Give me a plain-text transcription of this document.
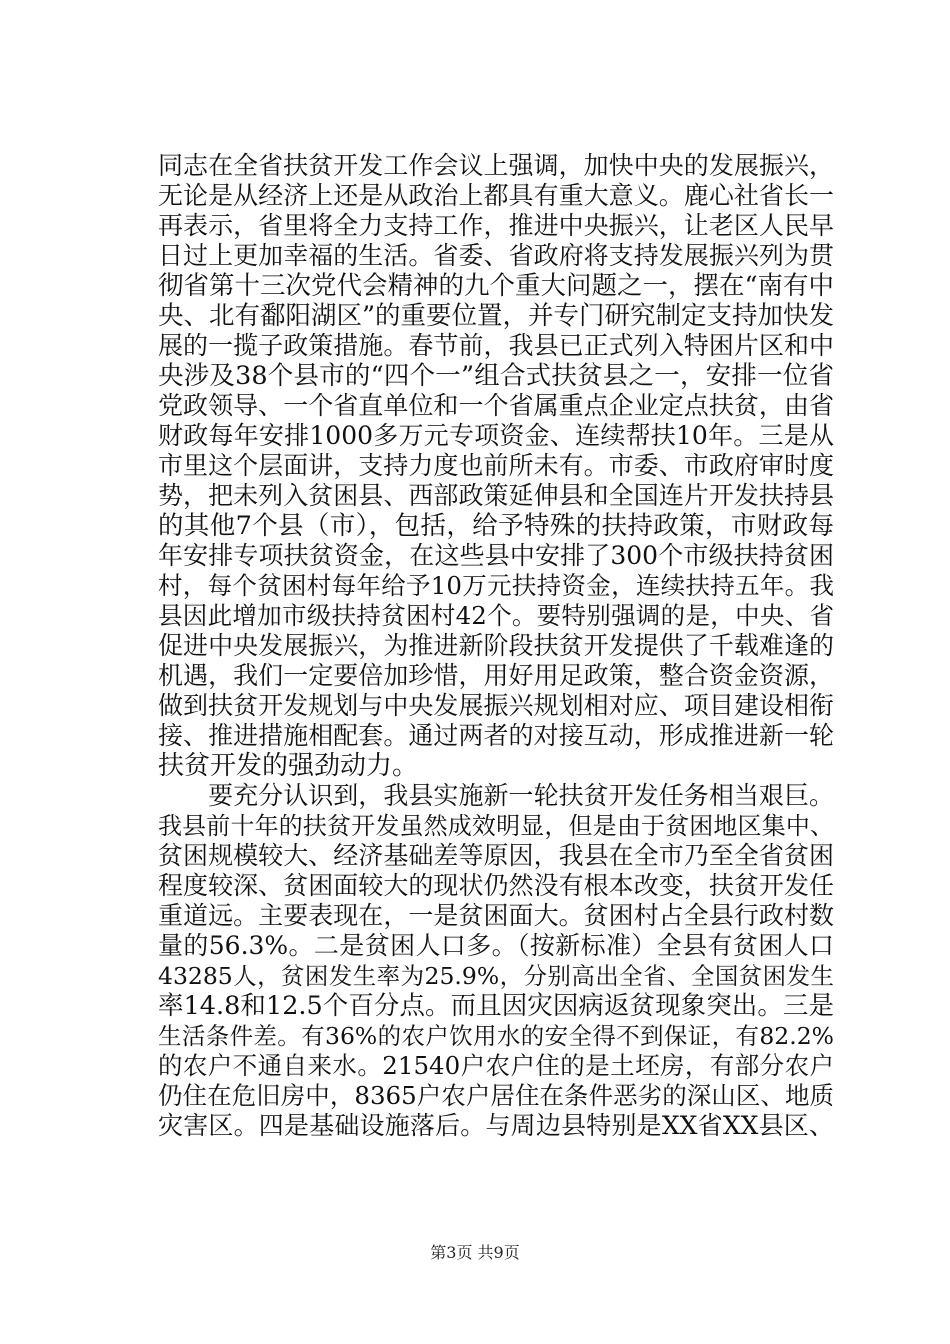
同志在全省扶贫开发工作会议上强调，加快中央的发展振兴，
无论是从经济上还是从政治上都具有重大意义。鹿心社省长一
再表示，省里将全力支持工作，推进中央振兴，让老区人民早
日过上更加幸福的生活。省委、省政府将支持发展振兴列为贯
彻省第十三次党代会精神的九个重大问题之一，摆在“南有中
央、北有鄱阳湖区”的重要位置，并专门研究制定支持加快发
展的一揽子政策措施。春节前，我县已正式列入特困片区和中
央涉及38个县市的“四个一”组合式扶贫县之一，安排一位省
党政领导、一个省直单位和一个省属重点企业定点扶贫，由省
财政每年安排1000多万元专项资金、连续帮扶10年。三是从
市里这个层面讲，支持力度也前所未有。市委、市政府审时度
势，把未列入贫困县、西部政策延伸县和全国连片开发扶持县
的其他7个县（市），包括，给予特殊的扶持政策，市财政每
年安排专项扶贫资金，在这些县中安排了300个市级扶持贫困
村，每个贫困村每年给予10万元扶持资金，连续扶持五年。我
县因此增加市级扶持贫困村42个。要特别强调的是，中央、省
促进中央发展振兴，为推进新阶段扶贫开发提供了千载难逢的
机遇，我们一定要倍加珍惜，用好用足政策，整合资金资源，
做到扶贫开发规划与中央发展振兴规划相对应、项目建设相衔
接、推进措施相配套。通过两者的对接互动，形成推进新一轮
扶贫开发的强劲动力。
　　要充分认识到，我县实施新一轮扶贫开发任务相当艰巨。
我县前十年的扶贫开发虽然成效明显，但是由于贫困地区集中、
贫困规模较大、经济基础差等原因，我县在全市乃至全省贫困
程度较深、贫困面较大的现状仍然没有根本改变，扶贫开发任
重道远。主要表现在，一是贫困面大。贫困村占全县行政村数
量的56.3%。二是贫困人口多。（按新标准）全县有贫困人口
43285人，贫困发生率为25.9%，分别高出全省、全国贫困发生
率14.8和12.5个百分点。而且因灾因病返贫现象突出。三是
生活条件差。有36%的农户饮用水的安全得不到保证，有82.2%
的农户不通自来水。21540户农户住的是土坯房，有部分农户
仍住在危旧房中，8365户农户居住在条件恶劣的深山区、地质
灾害区。四是基础设施落后。与周边县特别是XX省XX县区、
第3页 共9页
